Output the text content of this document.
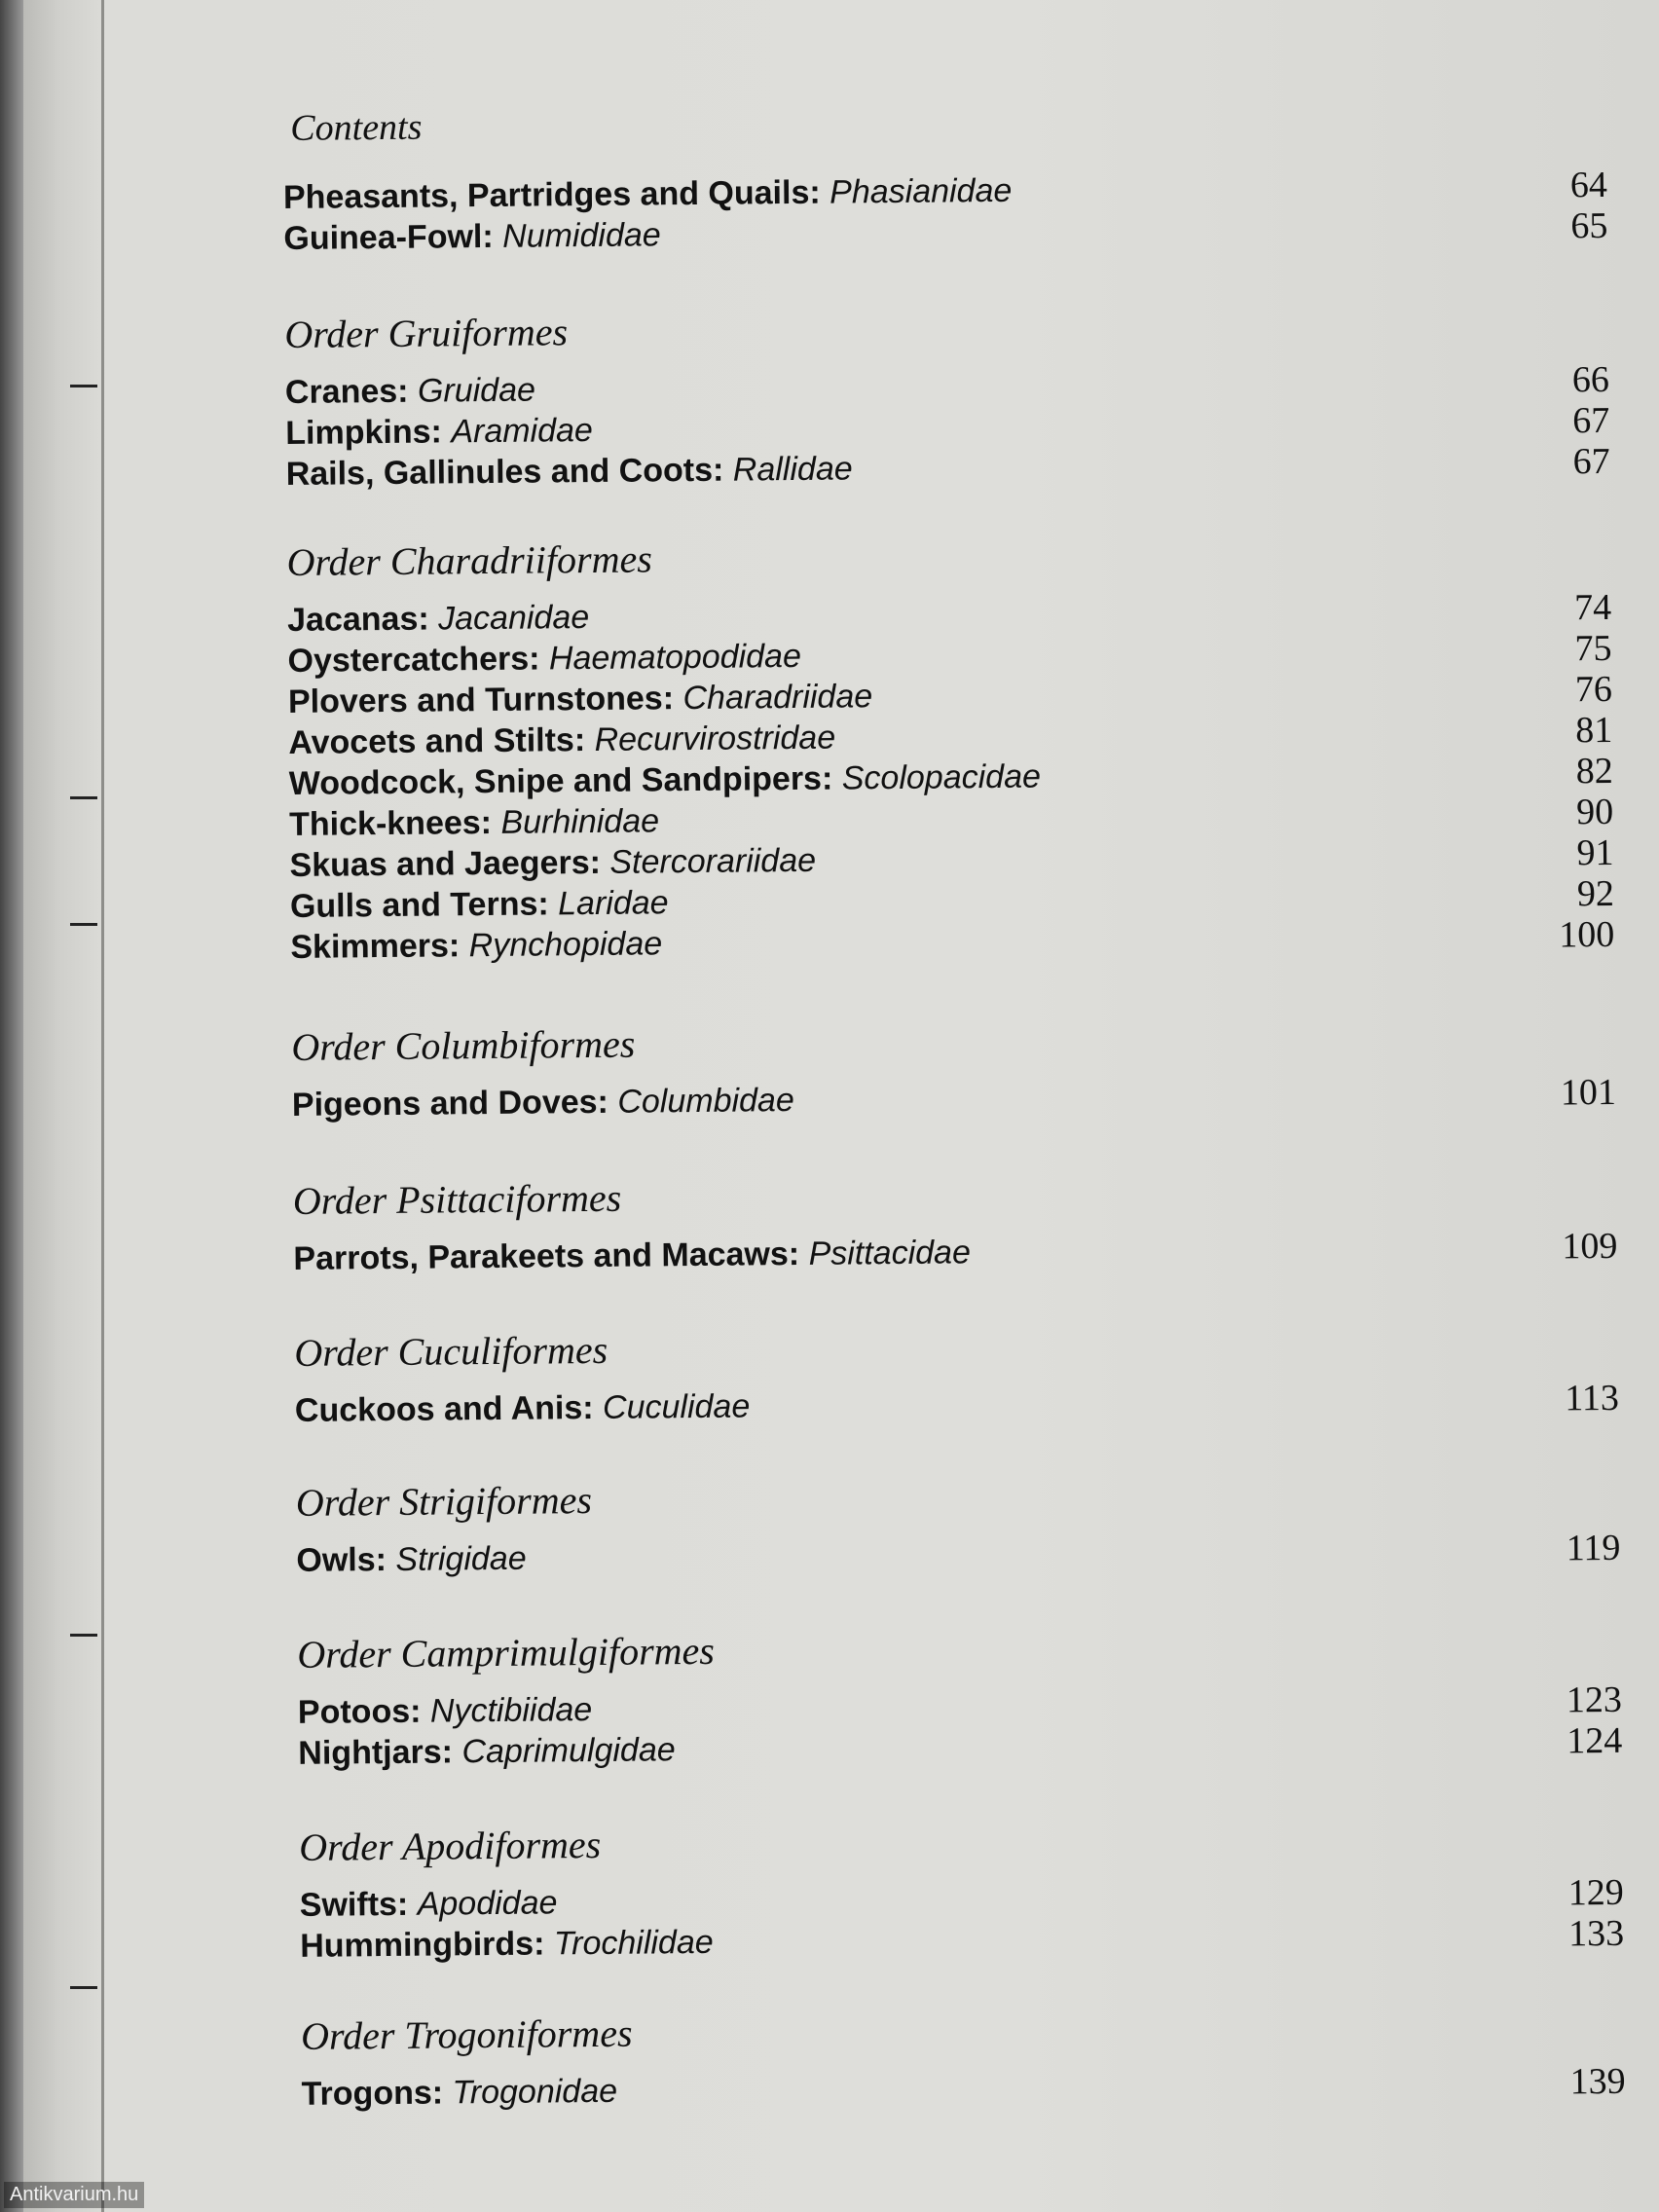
Contents
Pheasants, Partridges and Quails: Phasianidae	64
Guinea-Fowl: Numididae	65
Order Gruiformes
Cranes: Gruidae	66
Limpkins: Aramidae	67
Rails, Gallinules and Coots: Rallidae	67
Order Charadriiformes
Jacanas: Jacanidae	74
Oystercatchers: Haematopodidae	75
Plovers and Turnstones: Charadriidae	76
Avocets and Stilts: Recurvirostridae	81
Woodcock, Snipe and Sandpipers: Scolopacidae	82
Thick-knees: Burhinidae	90
Skuas and Jaegers: Stercorariidae	91
Gulls and Terns: Laridae	92
Skimmers: Rynchopidae	100
Order Columbiformes
Pigeons and Doves: Columbidae	101
Order Psittaciformes
Parrots, Parakeets and Macaws: Psittacidae	109
Order Cuculiformes
Cuckoos and Anis: Cuculidae	113
Order Strigiformes
Owls: Strigidae	119
Order Camprimulgiformes
Potoos: Nyctibiidae	123
Nightjars: Caprimulgidae	124
Order Apodiformes
Swifts: Apodidae	129
Hummingbirds: Trochilidae	133
Order Trogoniformes
Trogons: Trogonidae	139
Antikvarium.hu
